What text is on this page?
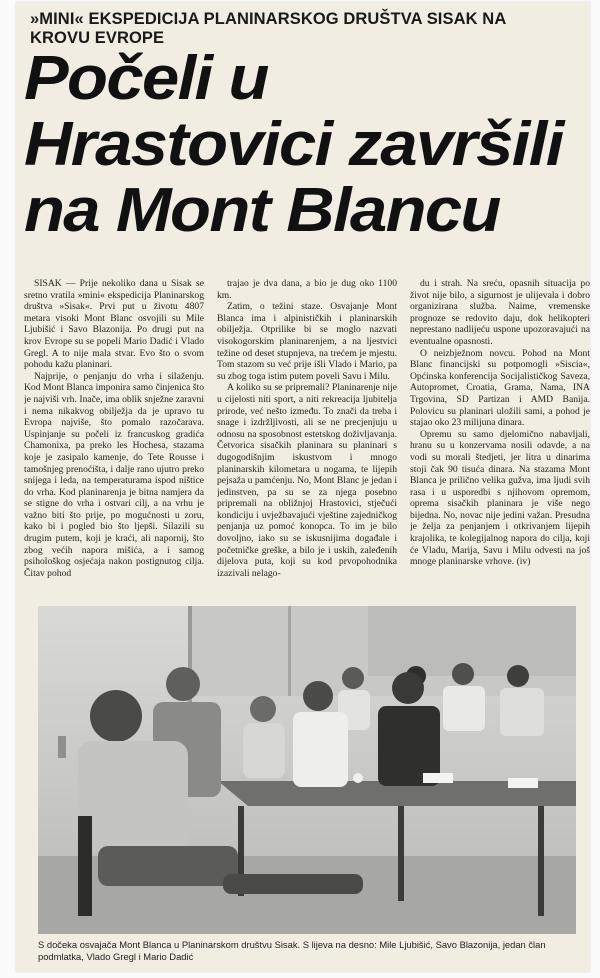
»MINI« EKSPEDICIJA PLANINARSKOG DRUŠTVA SISAK NA KROVU EVROPE
Počeli u
Hrastovici završili
na Mont Blancu

SISAK — Prije nekoliko dana u Sisak se sretno vratila »mini« ekspedicija Planinarskog društva »Sisak«. Prvi put u životu 4807 metara visoki Mont Blanc osvojili su Mile Ljubišić i Savo Blazonija. Po drugi put na krov Evrope su se popeli Mario Dadić i Vlado Gregl. A to nije mala stvar. Evo što o svom pohodu kažu planinari.

Najprije, o penjanju do vrha i silaženju. Kod Mont Blanca imponira samo činjenica što je najviši vrh. Inače, ima oblik snježne zaravni i nema nikakvog obilježja da je upravo tu Evropa najviše, što pomalo razočarava. Uspinjanje su počeli iz francuskog gradića Chamonixa, pa preko les Hochesa, stazama koje je zasipalo kamenje, do Tete Rousse i tamošnjeg prenoćišta, i dalje rano ujutro preko snijega i leda, na temperaturama ispod ništice do vrha. Kod planinarenja je bitna namjera da se stigne do vrha i ostvari cilj, a na vrhu je važno biti što prije, po mogućnosti u zoru, kako bi i pogled bio što ljepši. Silazili su drugim putem, koji je kraći, ali napornij, što zbog većih napora mišića, a i samog psihološkog osjećaja nakon postignutog cilja. Čitav pohod

trajao je dva dana, a bio je dug oko 1100 km.

Zatim, o težini staze. Osvajanje Mont Blanca ima i alpinističkih i planinarskih obilježja. Otprilike bi se moglo nazvati visokogorskim planinarenjem, a na ljestvici težine od deset stupnjeva, na trećem je mjestu. Tom stazom su već prije išli Vlado i Mario, pa su zbog toga istim putem poveli Savu i Milu.

A koliko su se pripremali? Planinarenje nije u cijelosti niti sport, a niti rekreacija ljubitelja prirode, već nešto između. To znači da treba i snage i izdržljivosti, ali se ne precjenjuju u odnosu na sposobnost estetskog doživljavanja. Četvorica sisačkih planinara su planinari s dugogodišnjim iskustvom i mnogo planinarskih kilometara u nogama, te lijepih pejsaža u pamćenju. No, Mont Blanc je jedan i jedinstven, pa su se za njega posebno pripremali na obližnjoj Hrastovici, stječući kondiciju i uvježbavajući vještine zajedničkog penjanja uz pomoć konopca. To im je bilo dovoljno, iako su se iskusnijima događale i početničke greške, a bilo je i uskih, zaleđenih dijelova puta, koji su kod prvopohodnika izazivali nelago-

du i strah. Na sreću, opasnih situacija po život nije bilo, a sigurnost je ulijevala i dobro organizirana služba. Naime, vremenske prognoze se redovito daju, dok helikopteri neprestano nadlijeću uspone upozoravajući na eventualne opasnosti.

O neizbježnom novcu. Pohod na Mont Blanc financijski su potpomogli »Siscia«, Općinska konferencija Socijalističkog Saveza, Autopromet, Croatia, Grama, Nama, INA Trgovina, SD Partizan i AMD Banija. Polovicu su planinari uložili sami, a pohod je stajao oko 23 milijuna dinara.

Opremu su samo djelomično nabavljali, hranu su u konzervama nosili odavde, a na vodi su morali štedjeti, jer litra u dinarima stoji čak 90 tisuća dinara. Na stazama Mont Blanca je prilično velika gužva, ima ljudi svih rasa i u usporedbi s njihovom opremom, oprema sisačkih planinara je više nego bijedna. No, novac nije jedini važan. Presudna je želja za penjanjem i otkrivanjem lijepih krajolika, te kolegijalnog napora do cilja, koji će Vladu, Marija, Savu i Milu odvesti na još mnoge planinarske vrhove. (iv)

S dočeka osvajača Mont Blanca u Planinarskom društvu Sisak. S lijeva na desno: Mile Ljubišić, Savo Blazonija, jedan član podmlatka, Vlado Gregl i Mario Dadić
